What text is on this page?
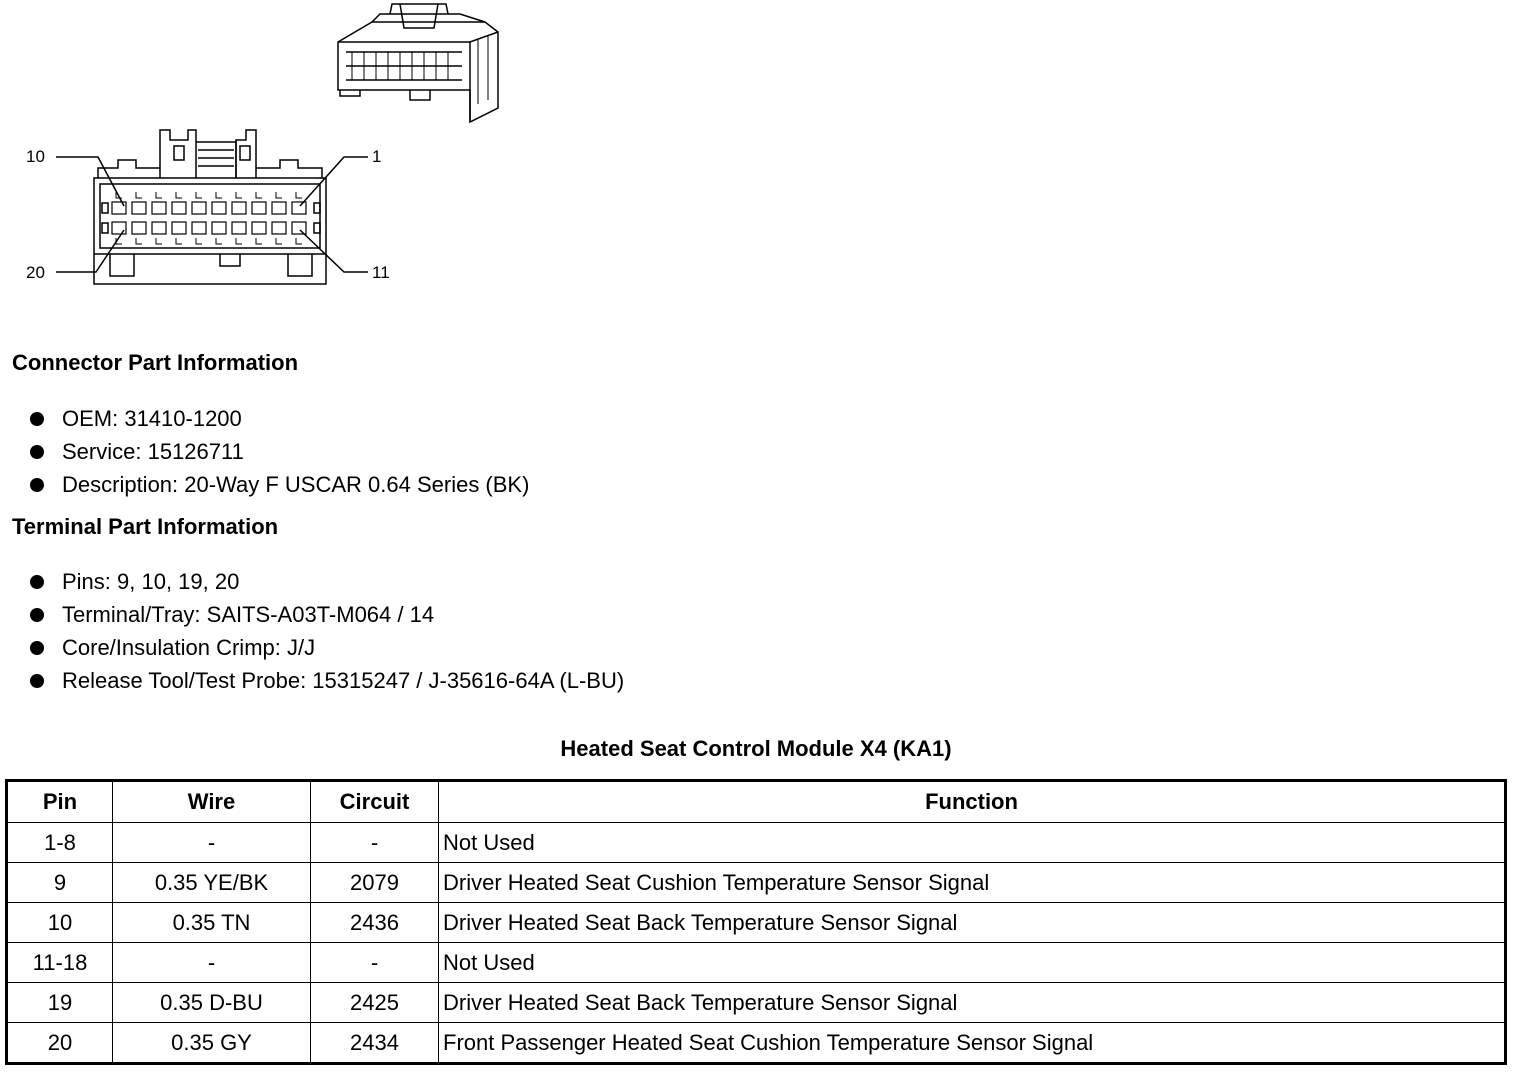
10	1
20	11
Connector Part Information
OEM: 31410-1200
Service: 15126711
Description: 20-Way F USCAR 0.64 Series (BK)
Terminal Part Information
Pins: 9, 10, 19, 20
Terminal/Tray: SAITS-A03T-M064 / 14
Core/Insulation Crimp: J/J
Release Tool/Test Probe: 15315247 / J-35616-64A (L-BU)
Heated Seat Control Module X4 (KA1)
Pin	Wire	Circuit	Function
1-8	-	-	Not Used
9	0.35 YE/BK	2079	Driver Heated Seat Cushion Temperature Sensor Signal
10	0.35 TN	2436	Driver Heated Seat Back Temperature Sensor Signal
11-18	-	-	Not Used
19	0.35 D-BU	2425	Driver Heated Seat Back Temperature Sensor Signal
20	0.35 GY	2434	Front Passenger Heated Seat Cushion Temperature Sensor Signal
